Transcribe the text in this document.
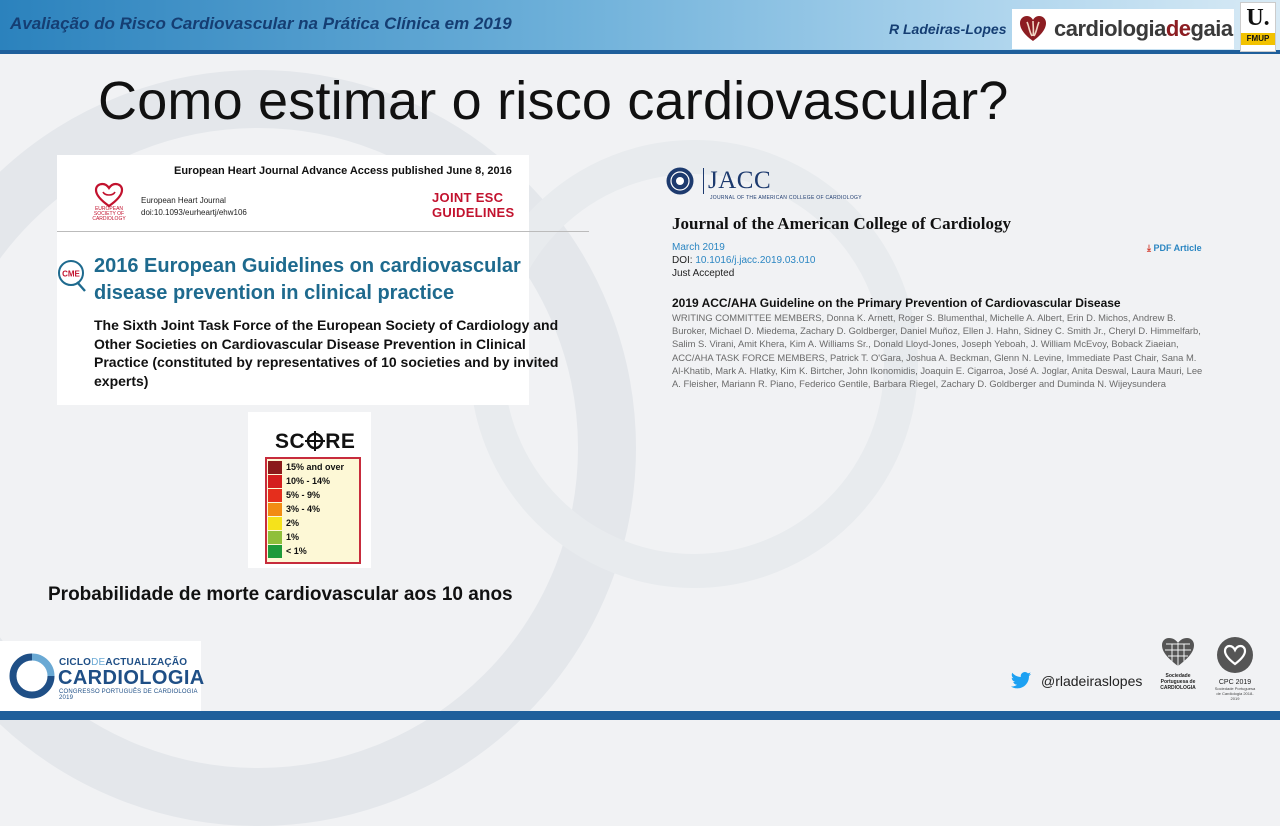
Avaliação do Risco Cardiovascular na Prática Clínica em 2019	R Ladeiras-Lopes cardiologiadegaia U.
FMUP
Como estimar o risco cardiovascular?
European Heart Journal Advance Access published June 8, 2016
EUROPEAN SOCIETY OF CARDIOLOGY
European Heart Journal
doi:10.1093/eurheartj/ehw106
JOINT ESC GUIDELINES
CME 2016 European Guidelines on cardiovascular disease prevention in clinical practice
The Sixth Joint Task Force of the European Society of Cardiology and Other Societies on Cardiovascular Disease Prevention in Clinical Practice (constituted by representatives of 10 societies and by invited experts)
SC RE
15% and over
10% - 14%
5% - 9%
3% - 4%
2%
1%
< 1%
Probabilidade de morte cardiovascular aos 10 anos
JACC
JOURNAL OF THE AMERICAN COLLEGE OF CARDIOLOGY
Journal of the American College of Cardiology
March 2019
DOI: 10.1016/j.jacc.2019.03.010
Just Accepted
⤓ PDF Article
2019 ACC/AHA Guideline on the Primary Prevention of Cardiovascular Disease
WRITING COMMITTEE MEMBERS, Donna K. Arnett, Roger S. Blumenthal, Michelle A. Albert, Erin D. Michos, Andrew B. Buroker, Michael D. Miedema, Zachary D. Goldberger, Daniel Muñoz, Ellen J. Hahn, Sidney C. Smith Jr., Cheryl D. Himmelfarb, Salim S. Virani, Amit Khera, Kim A. Williams Sr., Donald Lloyd-Jones, Joseph Yeboah, J. William McEvoy, Boback Ziaeian, ACC/AHA TASK FORCE MEMBERS, Patrick T. O'Gara, Joshua A. Beckman, Glenn N. Levine, Immediate Past Chair, Sana M. Al-Khatib, Mark A. Hlatky, Kim K. Birtcher, John Ikonomidis, Joaquin E. Cigarroa, José A. Joglar, Anita Deswal, Laura Mauri, Lee A. Fleisher, Mariann R. Piano, Federico Gentile, Barbara Riegel, Zachary D. Goldberger and Duminda N. Wijeysundera
CICLODEACTUALIZAÇÃO
CARDIOLOGIA
CONGRESSO PORTUGUÊS DE CARDIOLOGIA 2019
@rladeiraslopes	Sociedade Portuguesa de CARDIOLOGIA
CPC 2019
Sociedade Portuguesa de Cardiologia 2018-2019
